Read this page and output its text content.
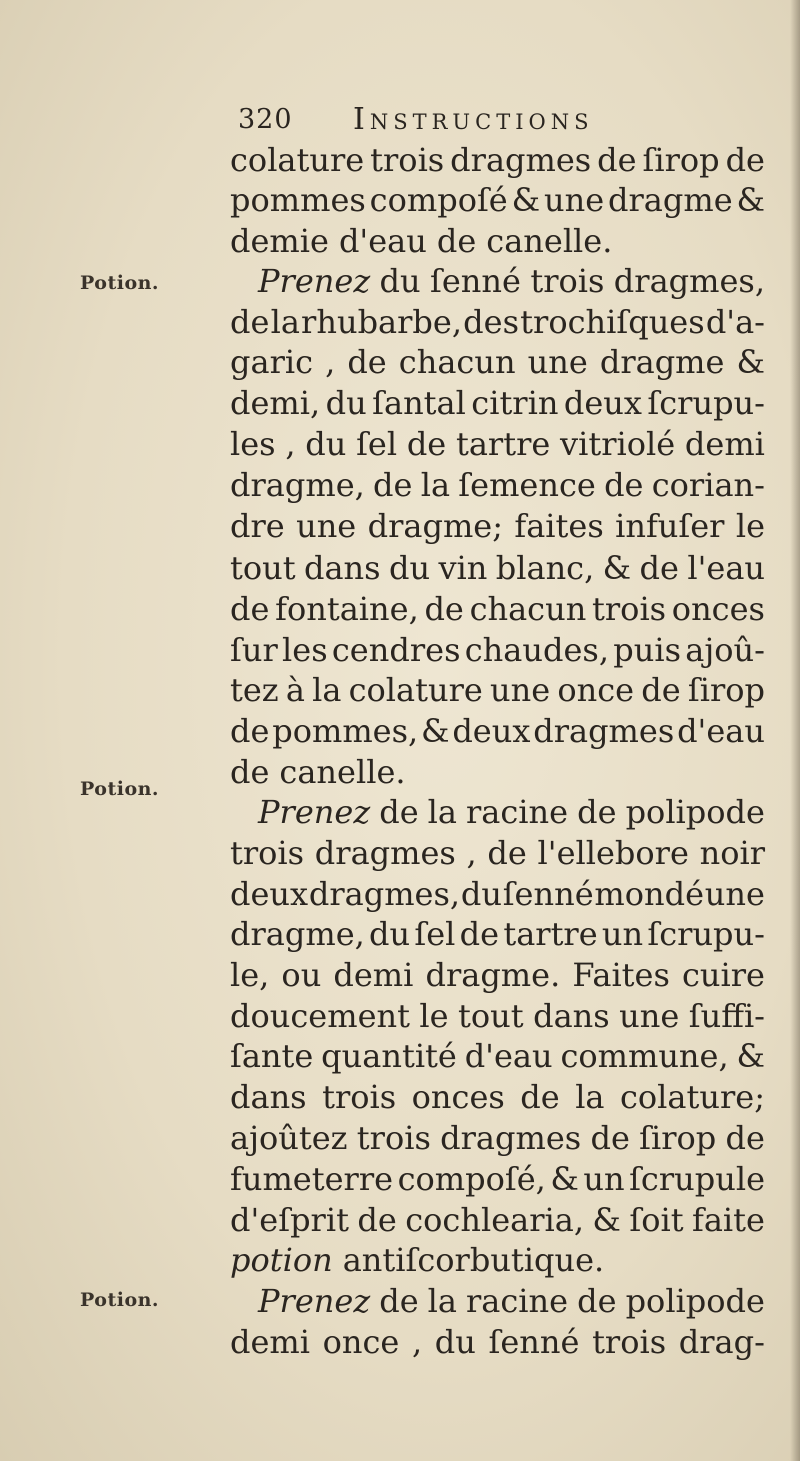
320 Instructions
Potion.
Potion.
Potion.
colature trois dragmes de ſirop de
pommes compoſé & une dragme &
demie d'eau de canelle.
Prenez du ſenné trois dragmes,
de la rhubarbe, des trochiſques d'a-
garic , de chacun une dragme &
demi, du ſantal citrin deux ſcrupu-
les , du ſel de tartre vitriolé demi
dragme, de la ſemence de corian-
dre une dragme; faites infuſer le
tout dans du vin blanc, & de l'eau
de fontaine, de chacun trois onces
ſur les cendres chaudes, puis ajoû-
tez à la colature une once de ſirop
de pommes, & deux dragmes d'eau
de canelle.
Prenez de la racine de polipode
trois dragmes , de l'ellebore noir
deux dragmes, du ſenné mondé une
dragme, du ſel de tartre un ſcrupu-
le, ou demi dragme. Faites cuire
doucement le tout dans une ſuffi-
ſante quantité d'eau commune, &
dans trois onces de la colature;
ajoûtez trois dragmes de ſirop de
fumeterre compoſé, & un ſcrupule
d'eſprit de cochlearia, & ſoit faite
potion antiſcorbutique.
Prenez de la racine de polipode
demi once , du ſenné trois drag-
